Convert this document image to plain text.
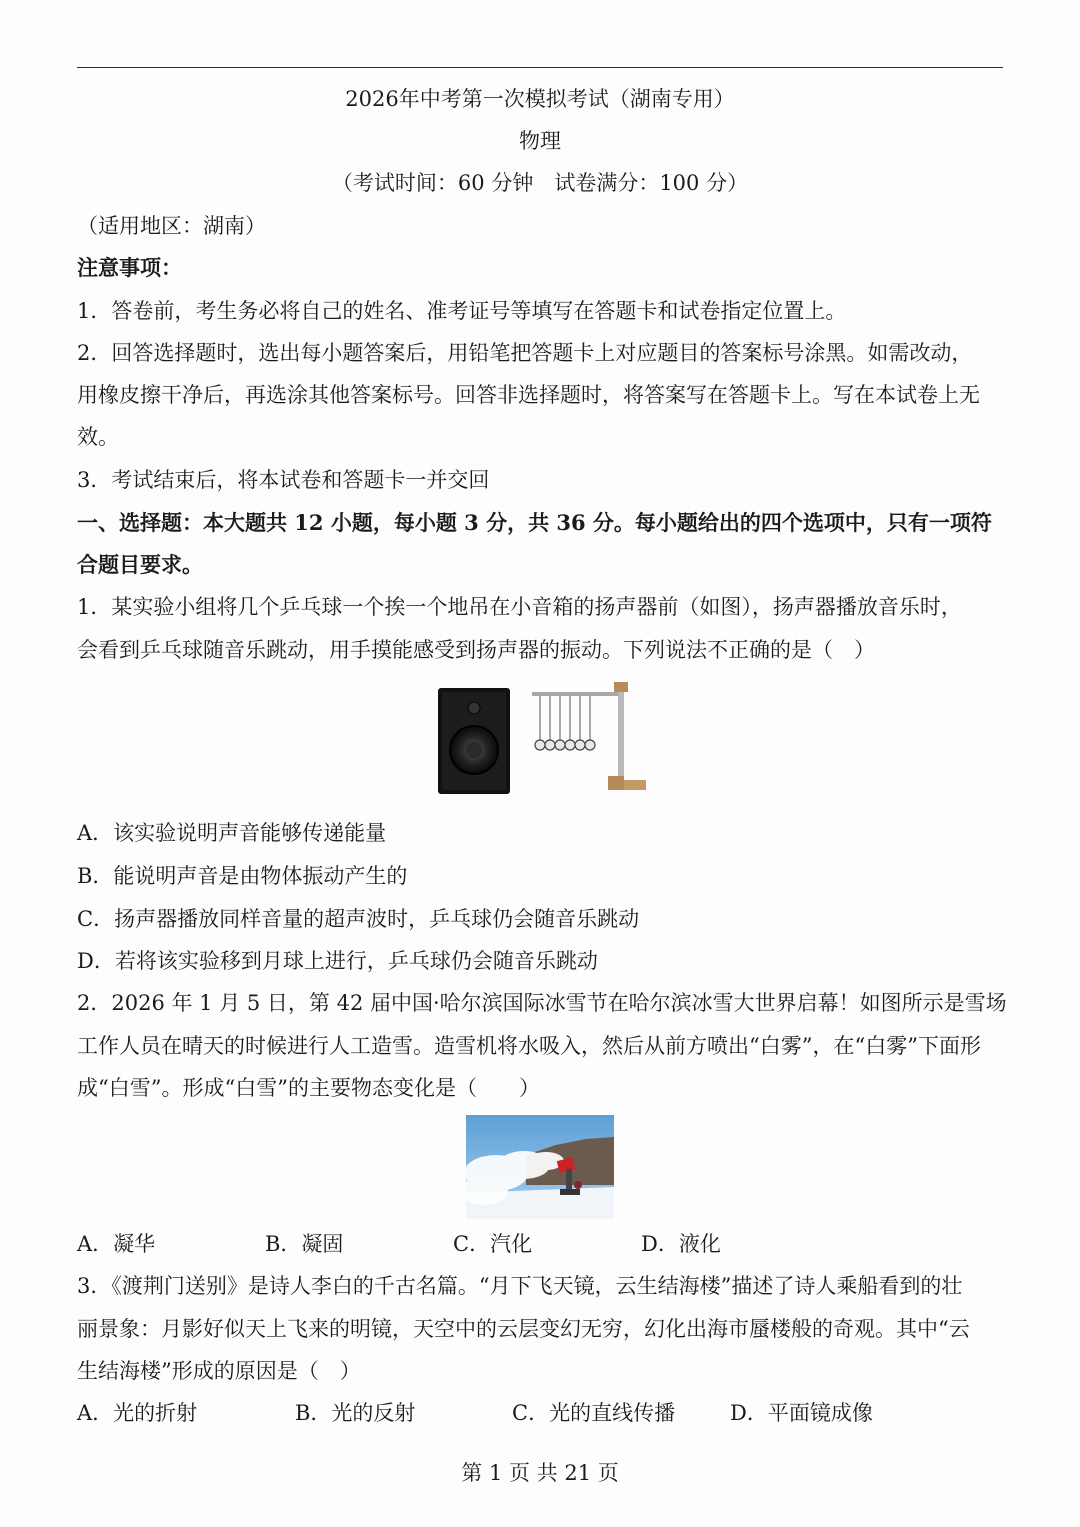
2026年中考第一次模拟考试（湖南专用）
物理
（考试时间：60 分钟　试卷满分：100 分）
（适用地区：湖南）
注意事项：
1．答卷前，考生务必将自己的姓名、准考证号等填写在答题卡和试卷指定位置上。
2．回答选择题时，选出每小题答案后，用铅笔把答题卡上对应题目的答案标号涂黑。如需改动，
用橡皮擦干净后，再选涂其他答案标号。回答非选择题时，将答案写在答题卡上。写在本试卷上无
效。
3．考试结束后，将本试卷和答题卡一并交回
一、选择题：本大题共 12 小题，每小题 3 分，共 36 分。每小题给出的四个选项中，只有一项符
合题目要求。
1．某实验小组将几个乒乓球一个挨一个地吊在小音箱的扬声器前（如图），扬声器播放音乐时，
会看到乒乓球随音乐跳动，用手摸能感受到扬声器的振动。下列说法不正确的是（　）
A．该实验说明声音能够传递能量
B．能说明声音是由物体振动产生的
C．扬声器播放同样音量的超声波时，乒乓球仍会随音乐跳动
D．若将该实验移到月球上进行，乒乓球仍会随音乐跳动
2．2026 年 1 月 5 日，第 42 届中国·哈尔滨国际冰雪节在哈尔滨冰雪大世界启幕！如图所示是雪场
工作人员在晴天的时候进行人工造雪。造雪机将水吸入，然后从前方喷出“白雾”，在“白雾”下面形
成“白雪”。形成“白雪”的主要物态变化是（　　）
A．凝华	B．凝固	C．汽化	D．液化
3．《渡荆门送别》是诗人李白的千古名篇。“月下飞天镜，云生结海楼”描述了诗人乘船看到的壮
丽景象：月影好似天上飞来的明镜，天空中的云层变幻无穷，幻化出海市蜃楼般的奇观。其中“云
生结海楼”形成的原因是（　）
A．光的折射	B．光的反射	C．光的直线传播	D．平面镜成像
第 1 页 共 21 页
